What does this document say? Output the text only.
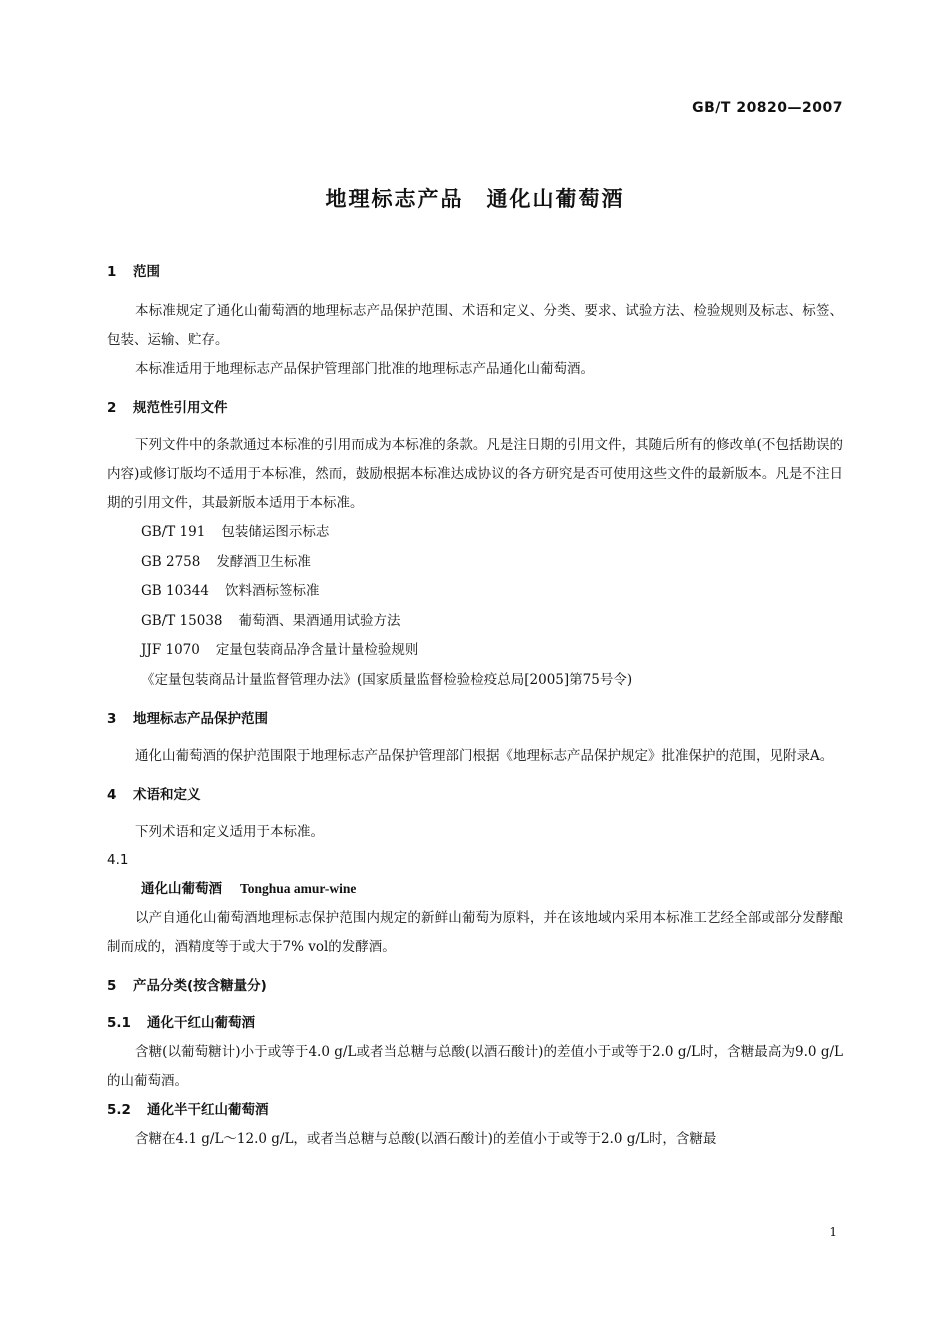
GB/T 20820—2007
地理标志产品　通化山葡萄酒
1 范围

本标准规定了通化山葡萄酒的地理标志产品保护范围、术语和定义、分类、要求、试验方法、检验规则及标志、标签、包装、运输、贮存。

本标准适用于地理标志产品保护管理部门批准的地理标志产品通化山葡萄酒。

2 规范性引用文件

下列文件中的条款通过本标准的引用而成为本标准的条款。凡是注日期的引用文件，其随后所有的修改单(不包括勘误的内容)或修订版均不适用于本标准，然而，鼓励根据本标准达成协议的各方研究是否可使用这些文件的最新版本。凡是不注日期的引用文件，其最新版本适用于本标准。

GB/T 191 包装储运图示标志

GB 2758 发酵酒卫生标准

GB 10344 饮料酒标签标准

GB/T 15038 葡萄酒、果酒通用试验方法

JJF 1070 定量包装商品净含量计量检验规则

《定量包装商品计量监督管理办法》(国家质量监督检验检疫总局[2005]第75号令)

3 地理标志产品保护范围

通化山葡萄酒的保护范围限于地理标志产品保护管理部门根据《地理标志产品保护规定》批准保护的范围，见附录A。

4 术语和定义

下列术语和定义适用于本标准。

4.1

通化山葡萄酒 Tonghua amur-wine

以产自通化山葡萄酒地理标志保护范围内规定的新鲜山葡萄为原料，并在该地域内采用本标准工艺经全部或部分发酵酿制而成的，酒精度等于或大于7% vol的发酵酒。

5 产品分类(按含糖量分)
5.1 通化干红山葡萄酒

含糖(以葡萄糖计)小于或等于4.0 g/L或者当总糖与总酸(以酒石酸计)的差值小于或等于2.0 g/L时，含糖最高为9.0 g/L的山葡萄酒。

5.2 通化半干红山葡萄酒

含糖在4.1 g/L～12.0 g/L，或者当总糖与总酸(以酒石酸计)的差值小于或等于2.0 g/L时，含糖最

1
